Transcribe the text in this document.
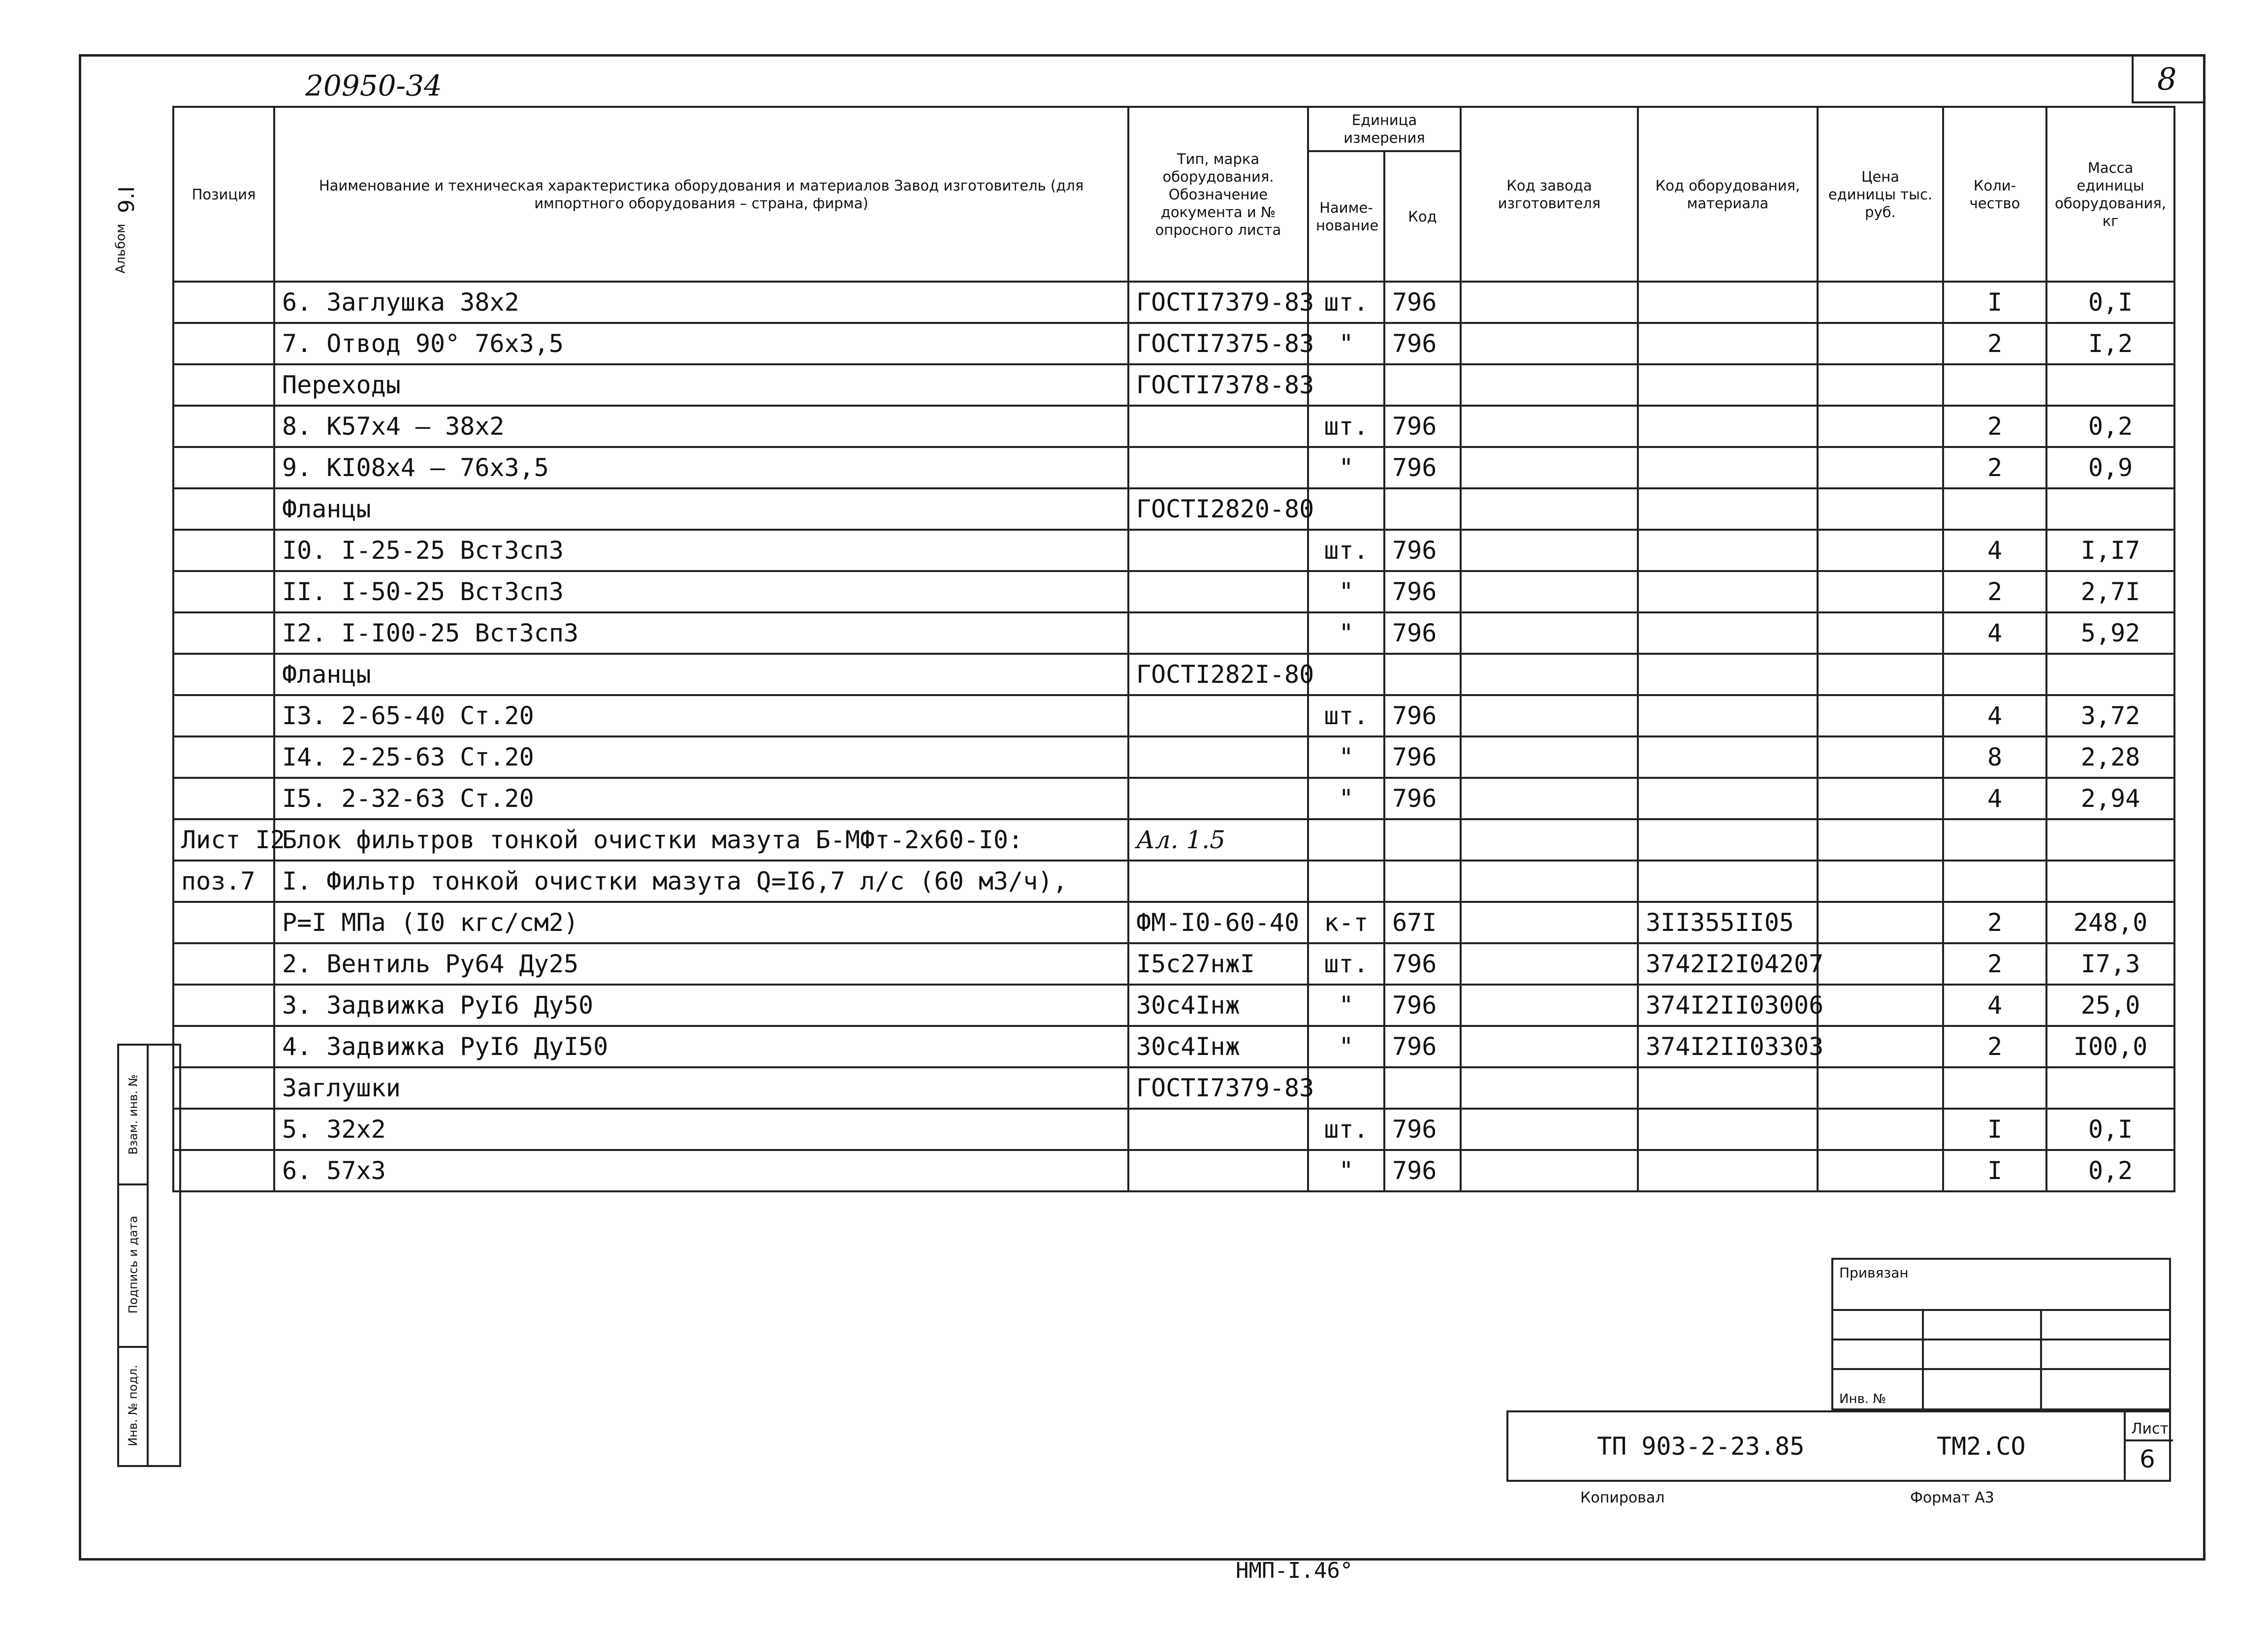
20950-34	8
Альбом
9.I	Позиция	Наименование и техническая характеристика оборудования и материалов Завод изготовитель (для импортного оборудования – страна, фирма)	Тип, марка оборудования. Обозначение документа и № опросного листа	Единица измерения		Код завода изготовителя	Код оборудования, материала	Цена единицы тыс. руб.	Коли-чество	Масса единицы оборудования, кг
			Наиме-нование	Код					
	6. Заглушка 38х2	ГОСТI7379-83	шт.	796				I	0,I
	7. Отвод 90° 76х3,5	ГОСТI7375-83	"	796				2	I,2
	Переходы	ГОСТI7378-83							
	8. К57х4 – 38х2		шт.	796				2	0,2
	9. КI08х4 – 76х3,5		"	796				2	0,9
	Фланцы	ГОСТI2820-80							
	I0. I-25-25 ВстЗсп3		шт.	796				4	I,I7
	II. I-50-25 ВстЗсп3		"	796				2	2,7I
	I2. I-I00-25 ВстЗсп3		"	796				4	5,92
	Фланцы	ГОСТI282I-80							
	I3. 2-65-40 Ст.20		шт.	796				4	3,72
	I4. 2-25-63 Ст.20		"	796				8	2,28
	I5. 2-32-63 Ст.20		"	796				4	2,94
Лист I2	Блок фильтров тонкой очистки мазута Б-МФт-2х60-I0:	Ал. 1.5							
поз.7	I. Фильтр тонкой очистки мазута Q=I6,7 л/с (60 м3/ч),								
	P=I МПа (I0 кгс/см2)	ФМ-I0-60-40	к-т	67I		3II355II05		2	248,0
	2. Вентиль Ру64 Ду25	I5с27нжI	шт.	796		3742I2I04207		2	I7,3
	3. Задвижка РуI6 Ду50	30с4Iнж	"	796		374I2II03006		4	25,0
	4. Задвижка РуI6 ДуI50	30с4Iнж	"	796		374I2II03303		2	I00,0
	Заглушки	ГОСТI7379-83							
	5. 32х2		шт.	796				I	0,I
	6. 57х3		"	796				I	0,2

Взам. инв. №
Подпись и дата
Инв. № подл.
Привязан
Инв. №
ТП 903-2-23.85	ТМ2.СО
Лист
6
Копировал	Формат А3
НМП-I.46°
